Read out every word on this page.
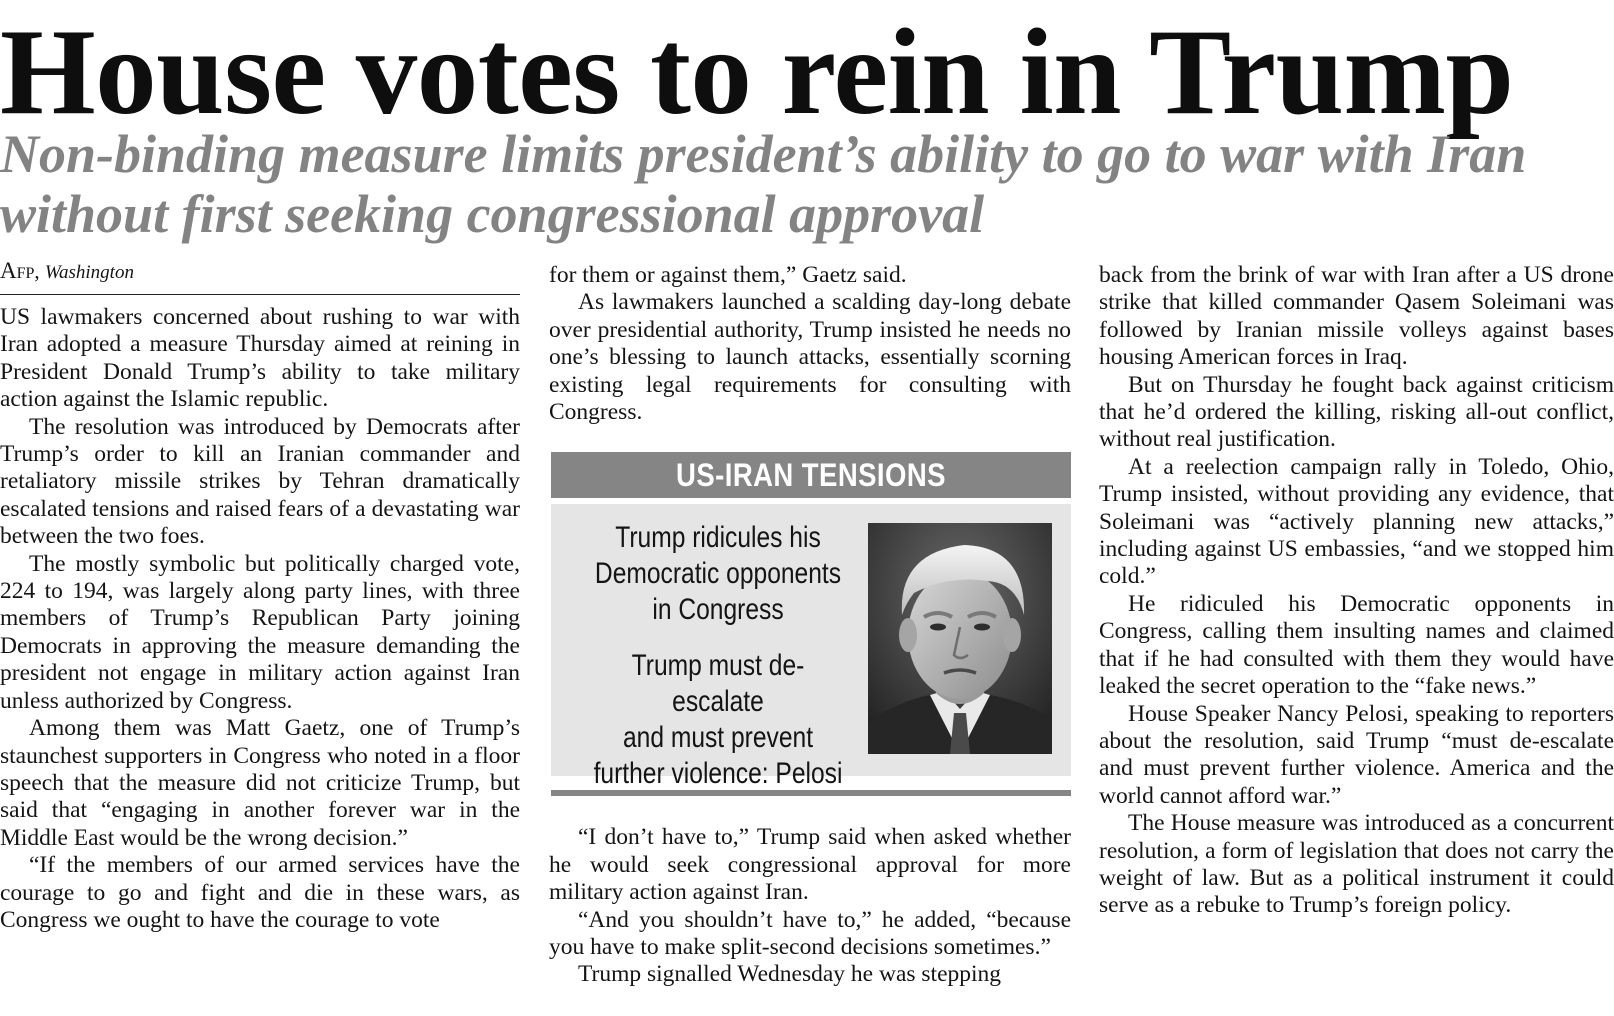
House votes to rein in Trump
Non-binding measure limits president’s ability to go to war with Iran without first seeking congressional approval
Afp, Washington

US lawmakers concerned about rushing to war with Iran adopted a measure Thursday aimed at reining in President Donald Trump’s ability to take military action against the Islamic republic.

The resolution was introduced by Democrats after Trump’s order to kill an Iranian commander and retaliatory missile strikes by Tehran dramatically escalated tensions and raised fears of a devastating war between the two foes.

The mostly symbolic but politically charged vote, 224 to 194, was largely along party lines, with three members of Trump’s Republican Party joining Democrats in approving the measure demanding the president not engage in military action against Iran unless authorized by Congress.

Among them was Matt Gaetz, one of Trump’s staunchest supporters in Congress who noted in a floor speech that the measure did not criticize Trump, but said that “engaging in another forever war in the Middle East would be the wrong decision.”

“If the members of our armed services have the courage to go and fight and die in these wars, as Congress we ought to have the courage to vote

for them or against them,” Gaetz said.

As lawmakers launched a scalding day-long debate over presidential authority, Trump insisted he needs no one’s blessing to launch attacks, essentially scorning existing legal requirements for consulting with Congress.

US-IRAN TENSIONS
Trump ridicules his
Democratic opponents
in Congress
Trump must de-escalate
and must prevent
further violence: Pelosi

“I don’t have to,” Trump said when asked whether he would seek congressional approval for more military action against Iran.

“And you shouldn’t have to,” he added, “because you have to make split-second decisions sometimes.”

Trump signalled Wednesday he was stepping

back from the brink of war with Iran after a US drone strike that killed commander Qasem Soleimani was followed by Iranian missile volleys against bases housing American forces in Iraq.

But on Thursday he fought back against criticism that he’d ordered the killing, risking all-out conflict, without real justification.

At a reelection campaign rally in Toledo, Ohio, Trump insisted, without providing any evidence, that Soleimani was “actively planning new attacks,” including against US embassies, “and we stopped him cold.”

He ridiculed his Democratic opponents in Congress, calling them insulting names and claimed that if he had consulted with them they would have leaked the secret operation to the “fake news.”

House Speaker Nancy Pelosi, speaking to reporters about the resolution, said Trump “must de-escalate and must prevent further violence. America and the world cannot afford war.”

The House measure was introduced as a concurrent resolution, a form of legislation that does not carry the weight of law. But as a political instrument it could serve as a rebuke to Trump’s foreign policy.
